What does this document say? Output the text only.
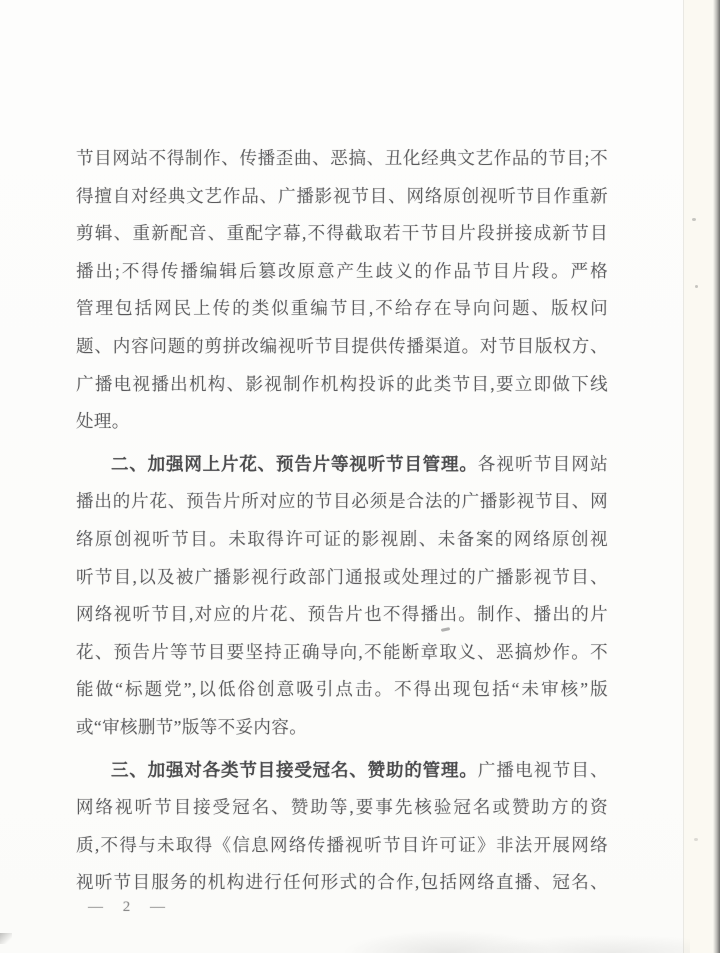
节目网站不得制作、传播歪曲、恶搞、丑化经典文艺作品的节目;不
得擅自对经典文艺作品、广播影视节目、网络原创视听节目作重新
剪辑、重新配音、重配字幕,不得截取若干节目片段拼接成新节目
播出;不得传播编辑后篡改原意产生歧义的作品节目片段。严格
管理包括网民上传的类似重编节目,不给存在导向问题、版权问
题、内容问题的剪拼改编视听节目提供传播渠道。对节目版权方、
广播电视播出机构、影视制作机构投诉的此类节目,要立即做下线
处理。
二、加强网上片花、预告片等视听节目管理。各视听节目网站
播出的片花、预告片所对应的节目必须是合法的广播影视节目、网
络原创视听节目。未取得许可证的影视剧、未备案的网络原创视
听节目,以及被广播影视行政部门通报或处理过的广播影视节目、
网络视听节目,对应的片花、预告片也不得播出。制作、播出的片
花、预告片等节目要坚持正确导向,不能断章取义、恶搞炒作。不
能做“标题党”,以低俗创意吸引点击。不得出现包括“未审核”版
或“审核删节”版等不妥内容。
三、加强对各类节目接受冠名、赞助的管理。广播电视节目、
网络视听节目接受冠名、赞助等,要事先核验冠名或赞助方的资
质,不得与未取得《信息网络传播视听节目许可证》非法开展网络
视听节目服务的机构进行任何形式的合作,包括网络直播、冠名、
— 2 —
